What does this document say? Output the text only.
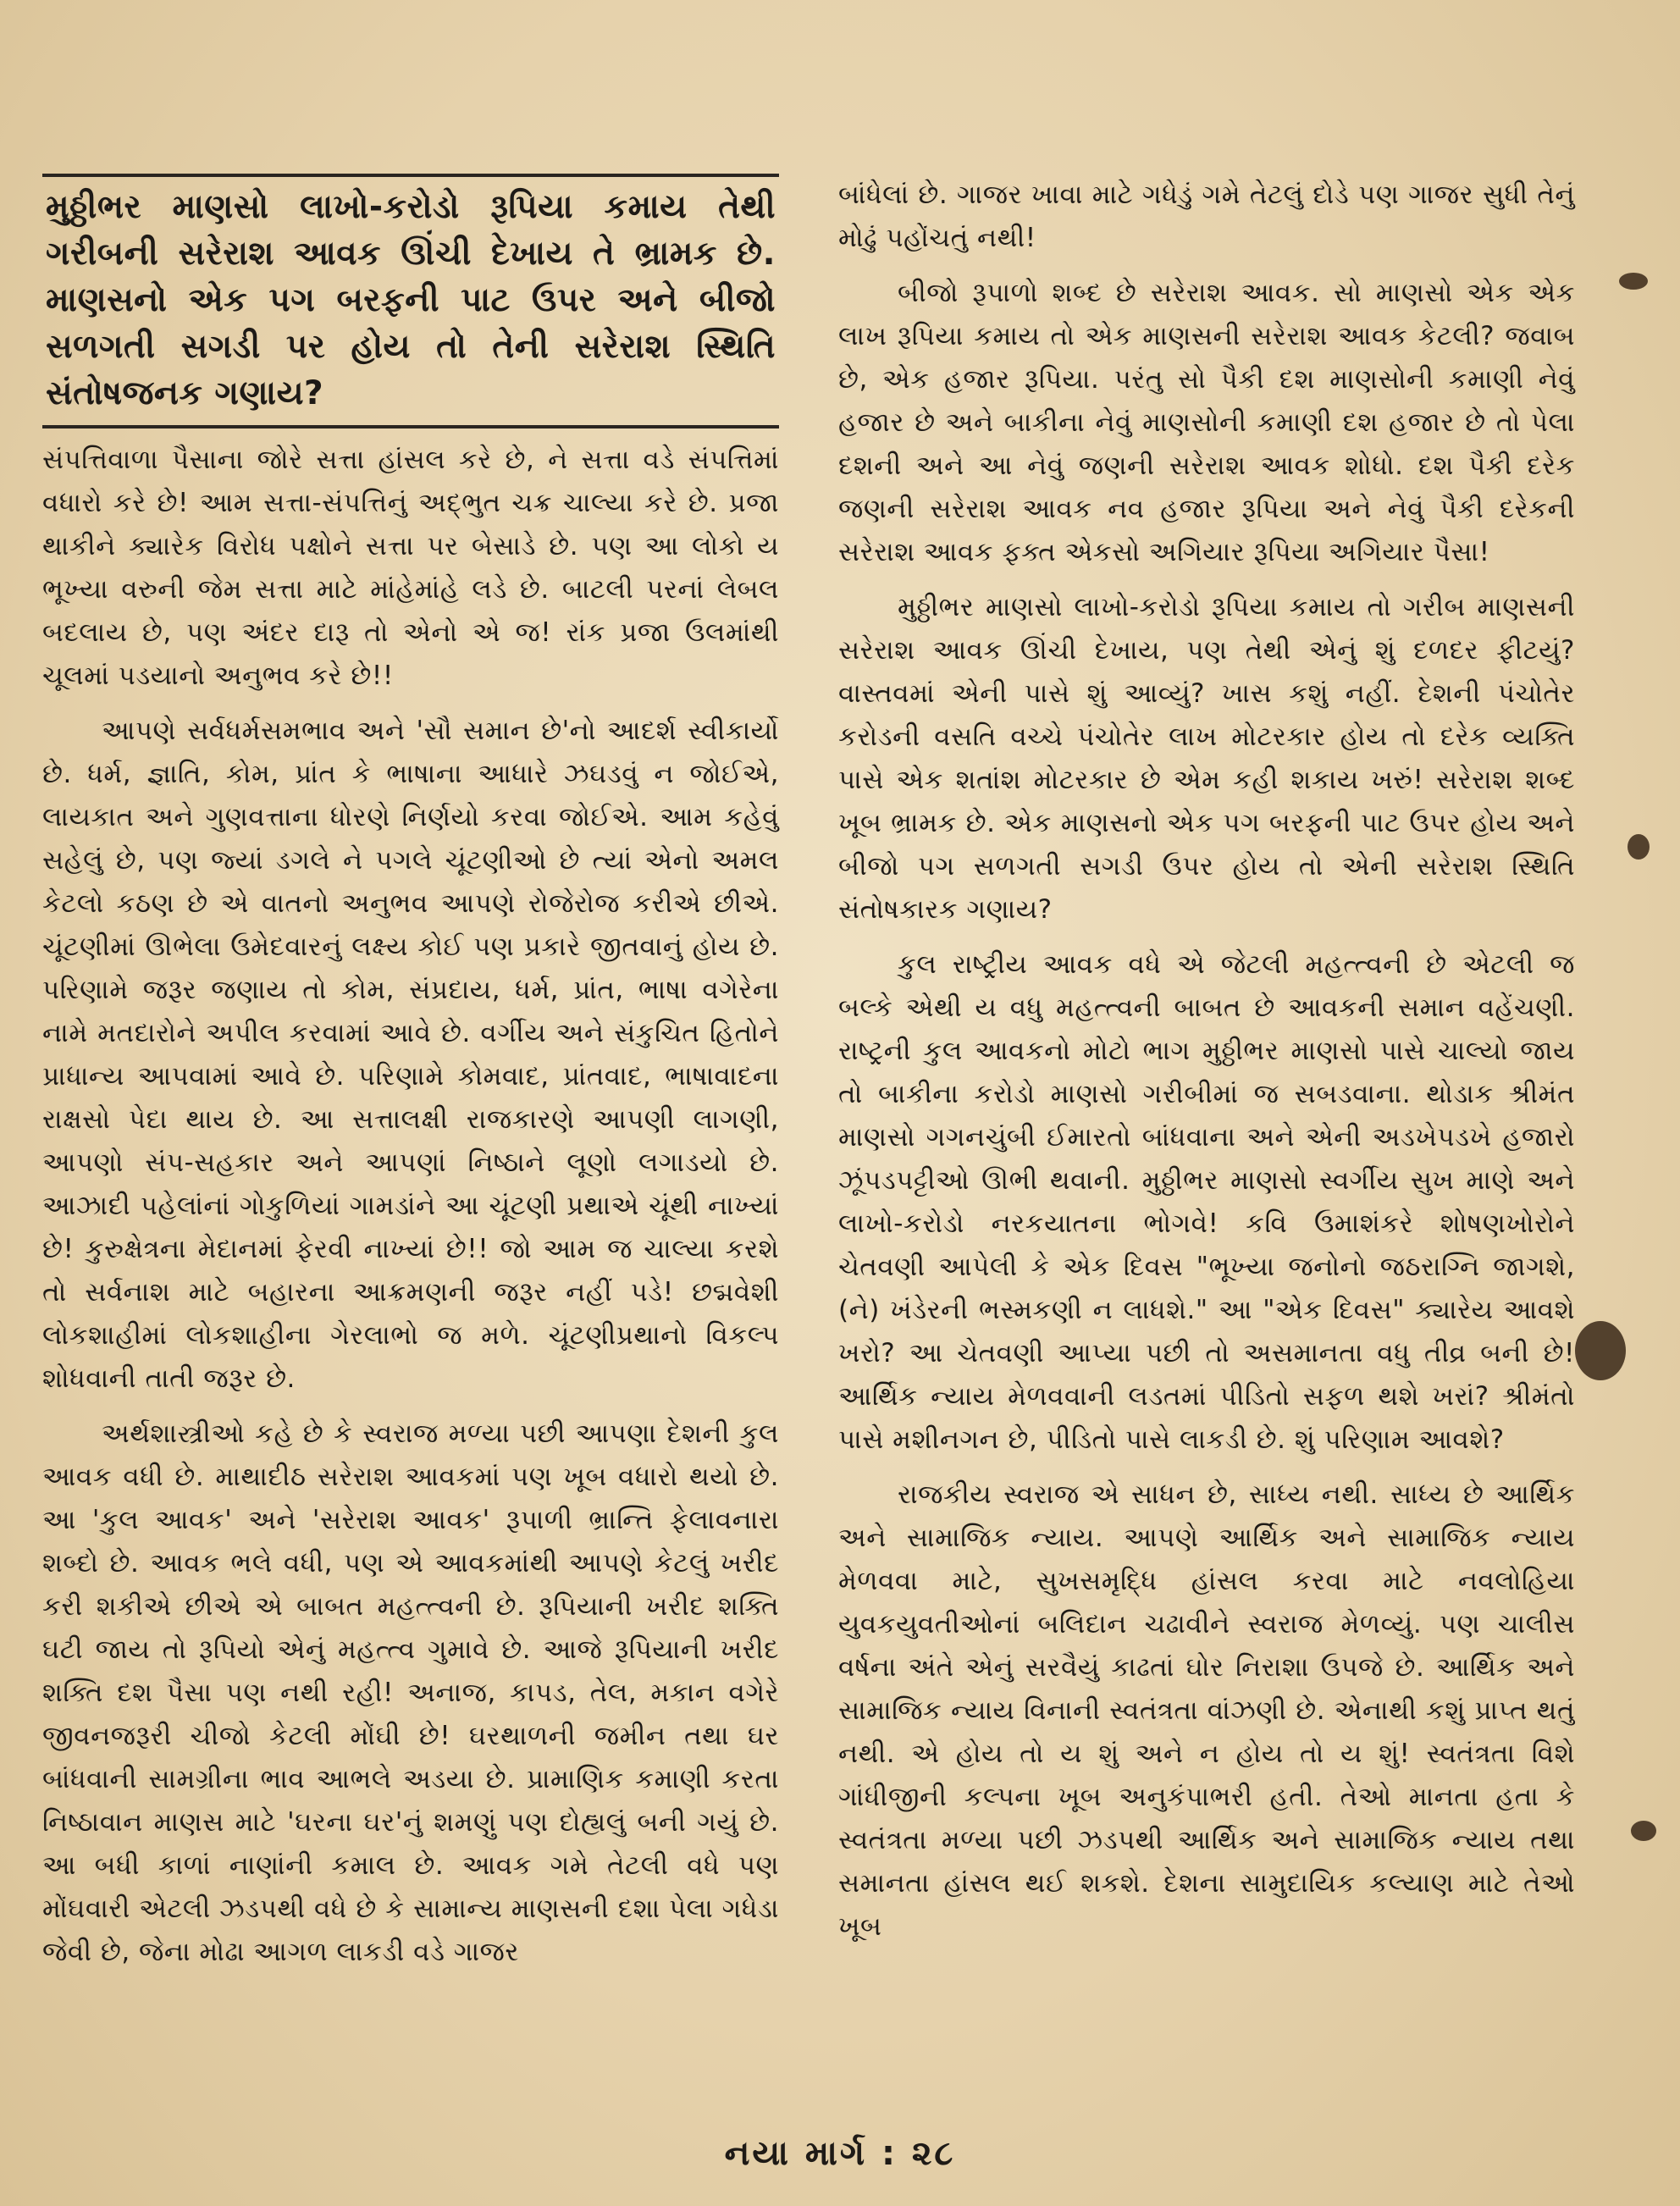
મુઠ્ઠીભર માણસો લાખો-કરોડો રૂપિયા કમાય તેથી ગરીબની સરેરાશ આવક ઊંચી દેખાય તે ભ્રામક છે. માણસનો એક પગ બરફની પાટ ઉપર અને બીજો સળગતી સગડી પર હોય તો તેની સરેરાશ સ્થિતિ સંતોષજનક ગણાય?

સંપત્તિવાળા પૈસાના જોરે સત્તા હાંસલ કરે છે, ને સત્તા વડે સંપત્તિમાં વધારો કરે છે! આમ સત્તા-સંપત્તિનું અદ્ભુત ચક્ર ચાલ્યા કરે છે. પ્રજા થાકીને ક્યારેક વિરોધ પક્ષોને સત્તા પર બેસાડે છે. પણ આ લોકો ય ભૂખ્યા વરુની જેમ સત્તા માટે માંહેમાંહે લડે છે. બાટલી પરનાં લેબલ બદલાય છે, પણ અંદર દારૂ તો એનો એ જ! રાંક પ્રજા ઉલમાંથી ચૂલમાં પડયાનો અનુભવ કરે છે!!

આપણે સર્વધર્મસમભાવ અને 'સૌ સમાન છે'નો આદર્શ સ્વીકાર્યો છે. ધર્મ, જ્ઞાતિ, કોમ, પ્રાંત કે ભાષાના આધારે ઝઘડવું ન જોઈએ, લાયકાત અને ગુણવત્તાના ધોરણે નિર્ણયો કરવા જોઈએ. આમ કહેવું સહેલું છે, પણ જ્યાં ડગલે ને પગલે ચૂંટણીઓ છે ત્યાં એનો અમલ કેટલો કઠણ છે એ વાતનો અનુભવ આપણે રોજેરોજ કરીએ છીએ. ચૂંટણીમાં ઊભેલા ઉમેદવારનું લક્ષ્ય કોઈ પણ પ્રકારે જીતવાનું હોય છે. પરિણામે જરૂર જણાય તો કોમ, સંપ્રદાય, ધર્મ, પ્રાંત, ભાષા વગેરેના નામે મતદારોને અપીલ કરવામાં આવે છે. વર્ગીય અને સંકુચિત હિતોને પ્રાધાન્ય આપવામાં આવે છે. પરિણામે કોમવાદ, પ્રાંતવાદ, ભાષાવાદના રાક્ષસો પેદા થાય છે. આ સત્તાલક્ષી રાજકારણે આપણી લાગણી, આપણો સંપ-સહકાર અને આપણાં નિષ્ઠાને લૂણો લગાડયો છે. આઝાદી પહેલાંનાં ગોકુળિયાં ગામડાંને આ ચૂંટણી પ્રથાએ ચૂંથી નાખ્યાં છે! કુરુક્ષેત્રના મેદાનમાં ફેરવી નાખ્યાં છે!! જો આમ જ ચાલ્યા કરશે તો સર્વનાશ માટે બહારના આક્રમણની જરૂર નહીં પડે! છદ્મવેશી લોકશાહીમાં લોકશાહીના ગેરલાભો જ મળે. ચૂંટણીપ્રથાનો વિકલ્પ શોધવાની તાતી જરૂર છે.

અર્થશાસ્ત્રીઓ કહે છે કે સ્વરાજ મળ્યા પછી આપણા દેશની કુલ આવક વધી છે. માથાદીઠ સરેરાશ આવકમાં પણ ખૂબ વધારો થયો છે. આ 'કુલ આવક' અને 'સરેરાશ આવક' રૂપાળી ભ્રાન્તિ ફેલાવનારા શબ્દો છે. આવક ભલે વધી, પણ એ આવકમાંથી આપણે કેટલું ખરીદ કરી શકીએ છીએ એ બાબત મહત્ત્વની છે. રૂપિયાની ખરીદ શક્તિ ઘટી જાય તો રૂપિયો એનું મહત્ત્વ ગુમાવે છે. આજે રૂપિયાની ખરીદ શક્તિ દશ પૈસા પણ નથી રહી! અનાજ, કાપડ, તેલ, મકાન વગેરે જીવનજરૂરી ચીજો કેટલી મોંઘી છે! ઘરથાળની જમીન તથા ઘર બાંધવાની સામગ્રીના ભાવ આભલે અડયા છે. પ્રામાણિક કમાણી કરતા નિષ્ઠાવાન માણસ માટે 'ઘરના ઘર'નું શમણું પણ દોહ્યલું બની ગયું છે. આ બધી કાળાં નાણાંની કમાલ છે. આવક ગમે તેટલી વધે પણ મોંઘવારી એટલી ઝડપથી વધે છે કે સામાન્ય માણસની દશા પેલા ગધેડા જેવી છે, જેના મોઢા આગળ લાકડી વડે ગાજર

બાંધેલાં છે. ગાજર ખાવા માટે ગધેડું ગમે તેટલું દોડે પણ ગાજર સુધી તેનું મોઢું પહોંચતું નથી!

બીજો રૂપાળો શબ્દ છે સરેરાશ આવક. સો માણસો એક એક લાખ રૂપિયા કમાય તો એક માણસની સરેરાશ આવક કેટલી? જવાબ છે, એક હજાર રૂપિયા. પરંતુ સો પૈકી દશ માણસોની કમાણી નેવું હજાર છે અને બાકીના નેવું માણસોની કમાણી દશ હજાર છે તો પેલા દશની અને આ નેવું જણની સરેરાશ આવક શોધો. દશ પૈકી દરેક જણની સરેરાશ આવક નવ હજાર રૂપિયા અને નેવું પૈકી દરેકની સરેરાશ આવક ફક્ત એકસો અગિયાર રૂપિયા અગિયાર પૈસા!

મુઠ્ઠીભર માણસો લાખો-કરોડો રૂપિયા કમાય તો ગરીબ માણસની સરેરાશ આવક ઊંચી દેખાય, પણ તેથી એનું શું દળદર ફીટયું? વાસ્તવમાં એની પાસે શું આવ્યું? ખાસ કશું નહીં. દેશની પંચોતેર કરોડની વસતિ વચ્ચે પંચોતેર લાખ મોટરકાર હોય તો દરેક વ્યક્તિ પાસે એક શતાંશ મોટરકાર છે એમ કહી શકાય ખરું! સરેરાશ શબ્દ ખૂબ ભ્રામક છે. એક માણસનો એક પગ બરફની પાટ ઉપર હોય અને બીજો પગ સળગતી સગડી ઉપર હોય તો એની સરેરાશ સ્થિતિ સંતોષકારક ગણાય?

કુલ રાષ્ટ્રીય આવક વધે એ જેટલી મહત્ત્વની છે એટલી જ બલ્કે એથી ય વધુ મહત્ત્વની બાબત છે આવકની સમાન વહેંચણી. રાષ્ટ્રની કુલ આવકનો મોટો ભાગ મુઠ્ઠીભર માણસો પાસે ચાલ્યો જાય તો બાકીના કરોડો માણસો ગરીબીમાં જ સબડવાના. થોડાક શ્રીમંત માણસો ગગનચુંબી ઈમારતો બાંધવાના અને એની અડખેપડખે હજારો ઝૂંપડપટ્ટીઓ ઊભી થવાની. મુઠ્ઠીભર માણસો સ્વર્ગીય સુખ માણે અને લાખો-કરોડો નરકયાતના ભોગવે! કવિ ઉમાશંકરે શોષણખોરોને ચેતવણી આપેલી કે એક દિવસ "ભૂખ્યા જનોનો જઠરાગ્નિ જાગશે, (ને) ખંડેરની ભસ્મકણી ન લાધશે." આ "એક દિવસ" ક્યારેય આવશે ખરો? આ ચેતવણી આપ્યા પછી તો અસમાનતા વધુ તીવ્ર બની છે! આર્થિક ન્યાય મેળવવાની લડતમાં પીડિતો સફળ થશે ખરાં? શ્રીમંતો પાસે મશીનગન છે, પીડિતો પાસે લાકડી છે. શું પરિણામ આવશે?

રાજકીય સ્વરાજ એ સાધન છે, સાધ્ય નથી. સાધ્ય છે આર્થિક અને સામાજિક ન્યાય. આપણે આર્થિક અને સામાજિક ન્યાય મેળવવા માટે, સુખસમૃદ્ધિ હાંસલ કરવા માટે નવલોહિયા યુવકયુવતીઓનાં બલિદાન ચઢાવીને સ્વરાજ મેળવ્યું. પણ ચાલીસ વર્ષના અંતે એનું સરવૈયું કાઢતાં ઘોર નિરાશા ઉપજે છે. આર્થિક અને સામાજિક ન્યાય વિનાની સ્વતંત્રતા વાંઝણી છે. એનાથી કશું પ્રાપ્ત થતું નથી. એ હોય તો ય શું અને ન હોય તો ય શું! સ્વતંત્રતા વિશે ગાંધીજીની કલ્પના ખૂબ અનુકંપાભરી હતી. તેઓ માનતા હતા કે સ્વતંત્રતા મળ્યા પછી ઝડપથી આર્થિક અને સામાજિક ન્યાય તથા સમાનતા હાંસલ થઈ શકશે. દેશના સામુદાયિક કલ્યાણ માટે તેઓ ખૂબ

નયા માર્ગ : ૨૮
